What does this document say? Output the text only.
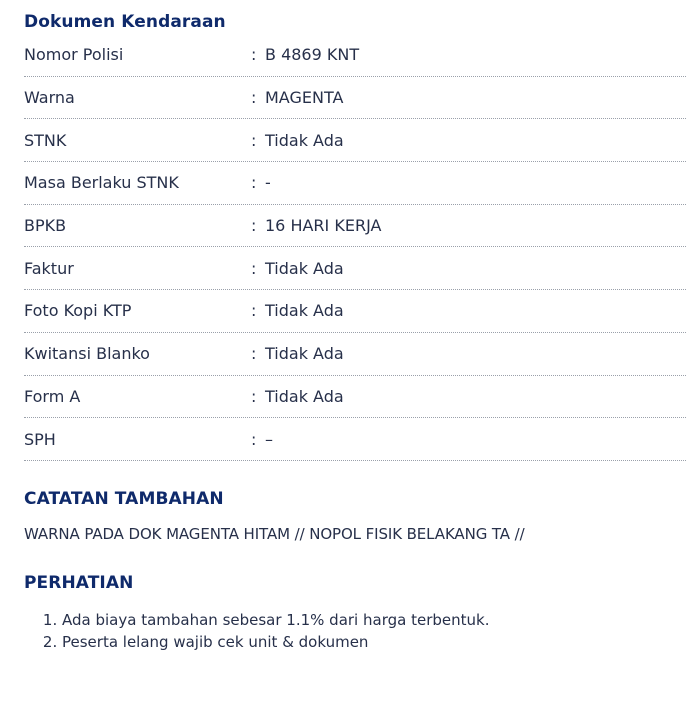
Dokumen Kendaraan
Nomor Polisi	: B 4869 KNT
Warna	: MAGENTA
STNK	: Tidak Ada
Masa Berlaku STNK	: -
BPKB	: 16 HARI KERJA
Faktur	: Tidak Ada
Foto Kopi KTP	: Tidak Ada
Kwitansi Blanko	: Tidak Ada
Form A	: Tidak Ada
SPH	: –
CATATAN TAMBAHAN
WARNA PADA DOK MAGENTA HITAM // NOPOL FISIK BELAKANG TA //
PERHATIAN
1. Ada biaya tambahan sebesar 1.1% dari harga terbentuk.
2. Peserta lelang wajib cek unit & dokumen
